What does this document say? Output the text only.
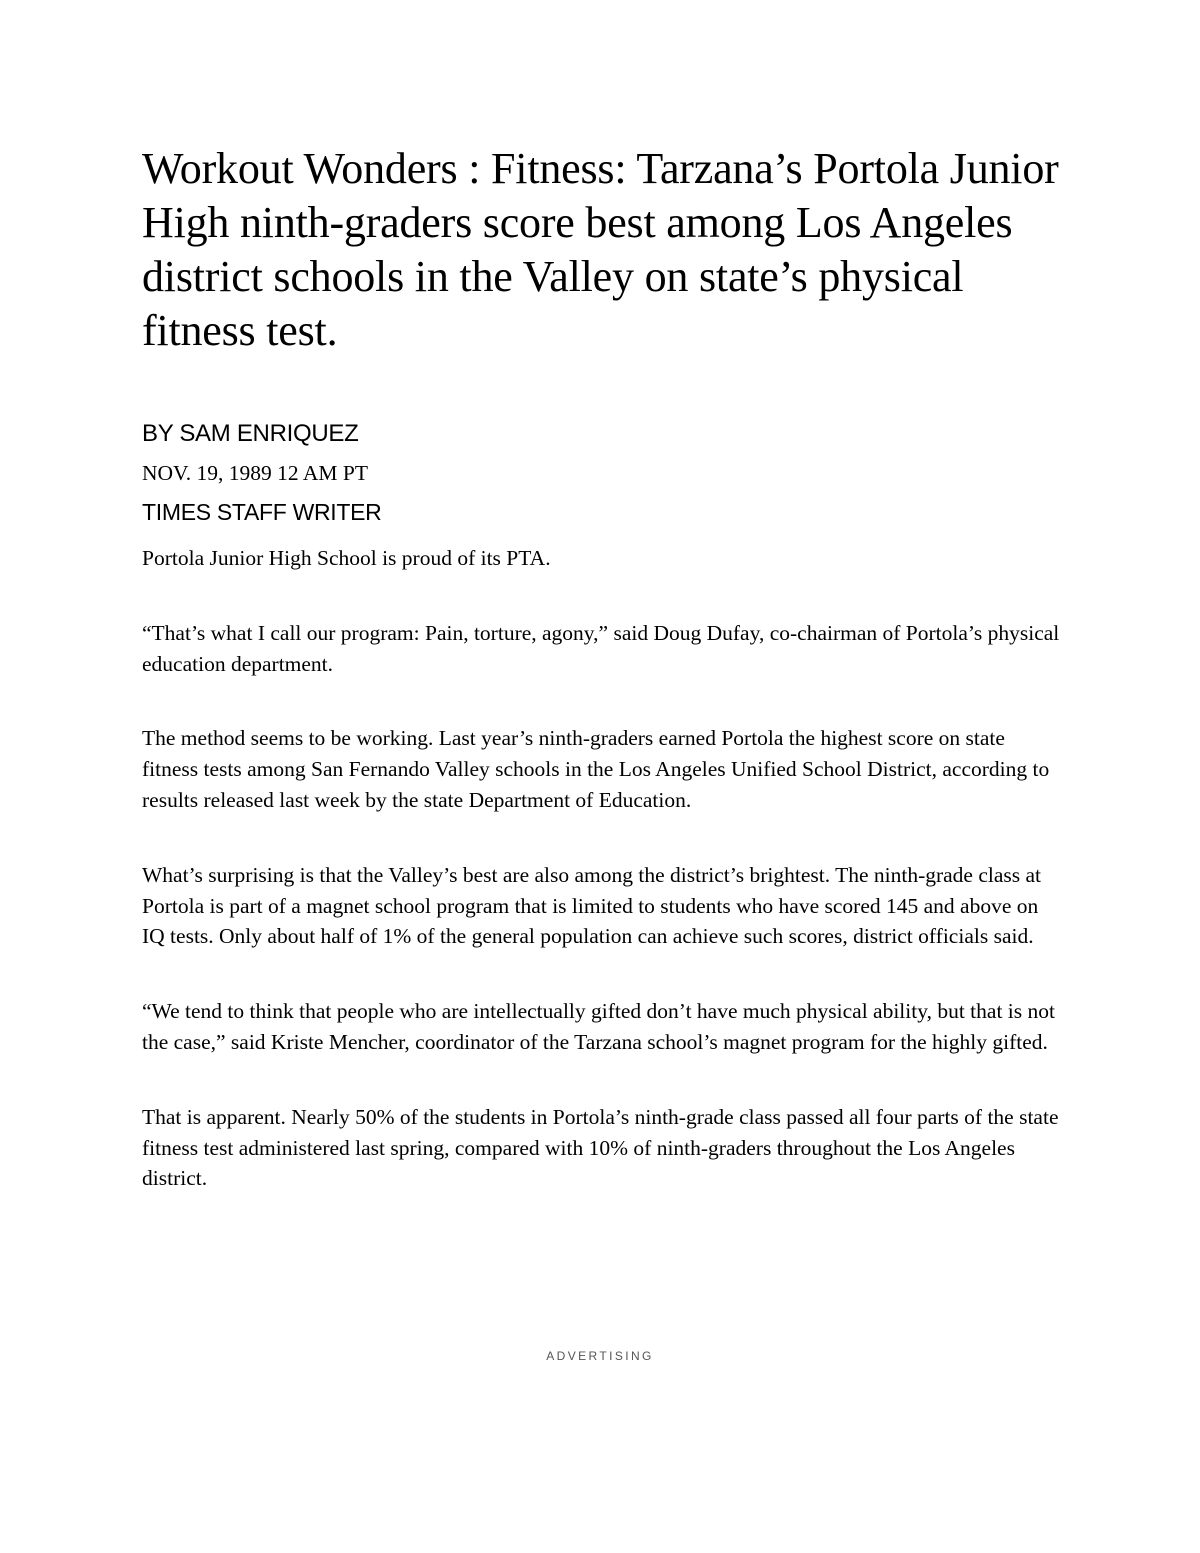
Workout Wonders : Fitness: Tarzana’s Portola Junior High ninth-graders score best among Los Angeles district schools in the Valley on state’s physical fitness test.
BY SAM ENRIQUEZ
NOV. 19, 1989 12 AM PT
TIMES STAFF WRITER

Portola Junior High School is proud of its PTA.

“That’s what I call our program: Pain, torture, agony,” said Doug Dufay, co-chairman of Portola’s physical education department.

The method seems to be working. Last year’s ninth-graders earned Portola the highest score on state fitness tests among San Fernando Valley schools in the Los Angeles Unified School District, according to results released last week by the state Department of Education.

What’s surprising is that the Valley’s best are also among the district’s brightest. The ninth-grade class at Portola is part of a magnet school program that is limited to students who have scored 145 and above on IQ tests. Only about half of 1% of the general population can achieve such scores, district officials said.

“We tend to think that people who are intellectually gifted don’t have much physical ability, but that is not the case,” said Kriste Mencher, coordinator of the Tarzana school’s magnet program for the highly gifted.

That is apparent. Nearly 50% of the students in Portola’s ninth-grade class passed all four parts of the state fitness test administered last spring, compared with 10% of ninth-graders throughout the Los Angeles district.

ADVERTISING
